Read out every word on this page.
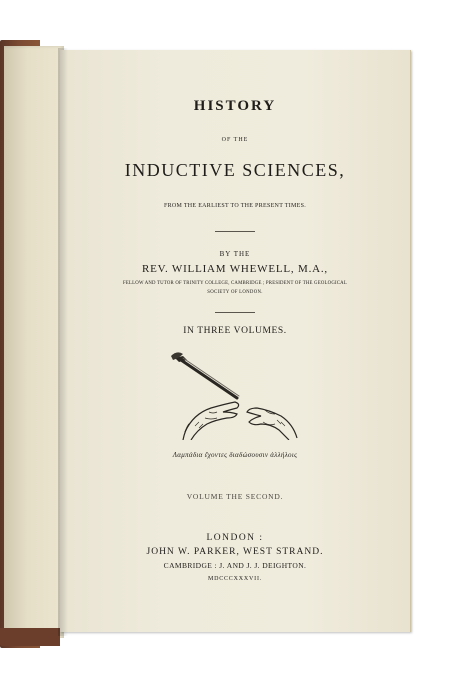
HISTORY
OF THE
INDUCTIVE SCIENCES,
FROM THE EARLIEST TO THE PRESENT TIMES.
BY THE
REV. WILLIAM WHEWELL, M.A.,
FELLOW AND TUTOR OF TRINITY COLLEGE, CAMBRIDGE ; PRESIDENT OF THE GEOLOGICAL
SOCIETY OF LONDON.
IN THREE VOLUMES.
Λαμπάδια ἔχοντες διαδώσουσιν ἀλλήλοις
VOLUME THE SECOND.
LONDON :
JOHN W. PARKER, WEST STRAND.
CAMBRIDGE : J. AND J. J. DEIGHTON.
MDCCCXXXVII.
